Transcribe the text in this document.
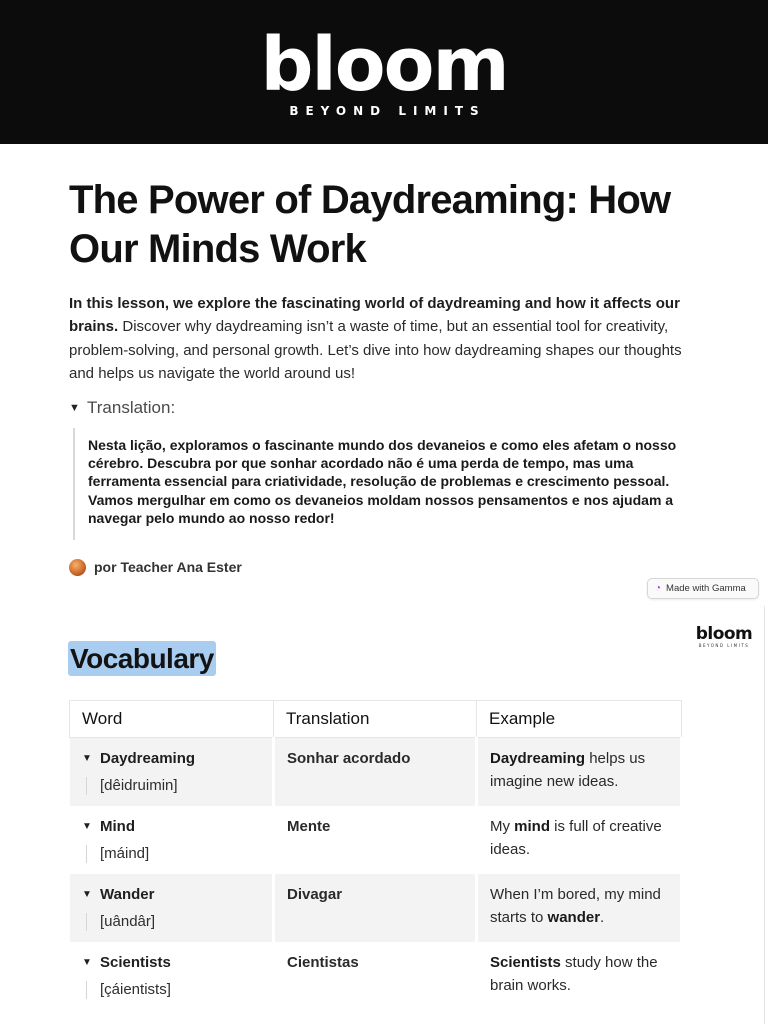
bloom
BEYOND LIMITS
The Power of Daydreaming: How Our Minds Work

In this lesson, we explore the fascinating world of daydreaming and how it affects our brains. Discover why daydreaming isn’t a waste of time, but an essential tool for creativity, problem-solving, and personal growth. Let’s dive into how daydreaming shapes our thoughts and helps us navigate the world around us!

▼ Translation:
Nesta lição, exploramos o fascinante mundo dos devaneios e como eles afetam o nosso cérebro. Descubra por que sonhar acordado não é uma perda de tempo, mas uma ferramenta essencial para criatividade, resolução de problemas e crescimento pessoal. Vamos mergulhar em como os devaneios moldam nossos pensamentos e nos ajudam a navegar pelo mundo ao nosso redor!
por Teacher Ana Ester
◔ Made with Gamma
bloom
BEYOND LIMITS
Vocabulary
Word	Translation	Example

▼ Daydreaming
[dêidruimin]	Sonhar acordado	Daydreaming helps us imagine new ideas.

▼ Mind
[máind]	Mente	My mind is full of creative ideas.

▼ Wander
[uândâr]	Divagar	When I’m bored, my mind starts to wander.

▼ Scientists
[çáientists]	Cientistas	Scientists study how the brain works.
